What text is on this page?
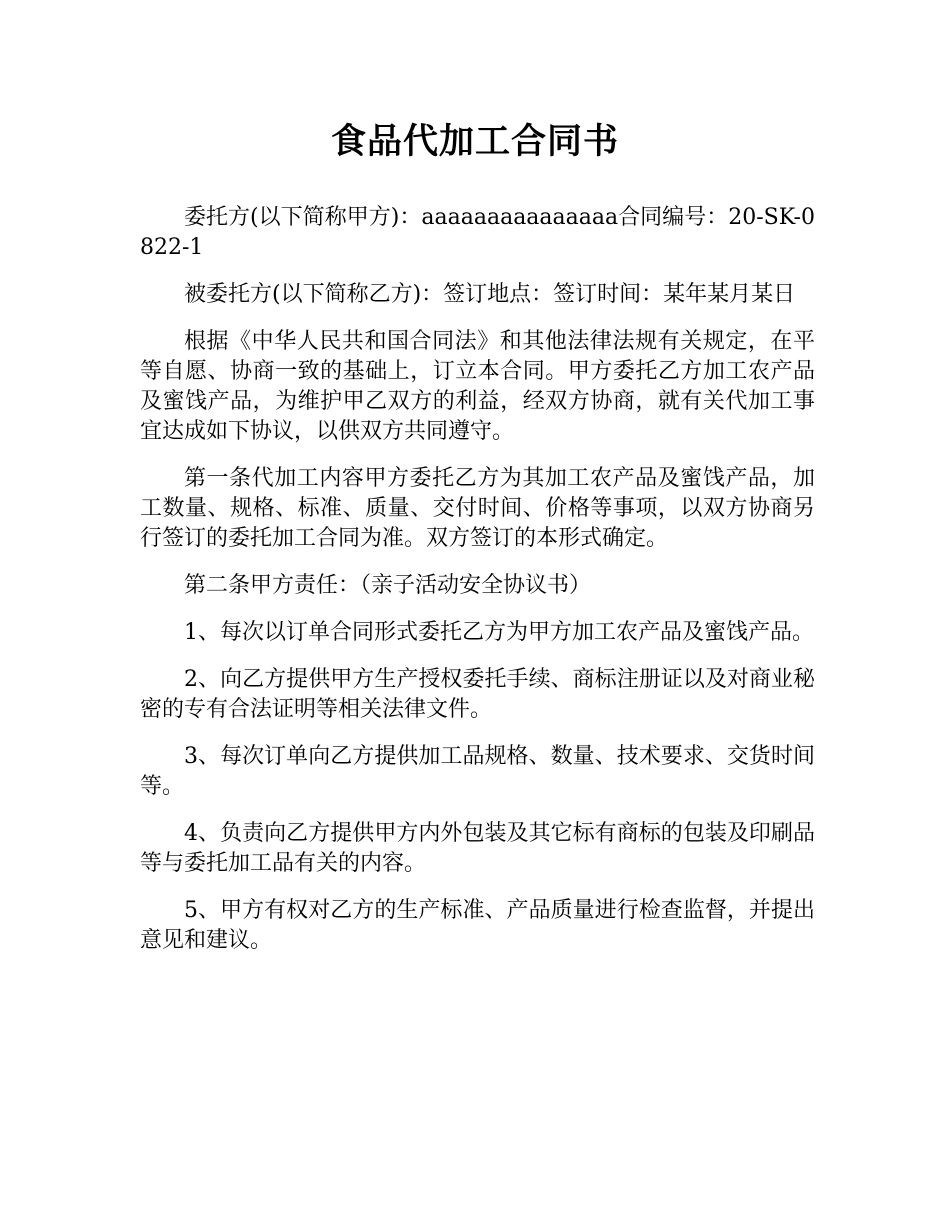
食品代加工合同书

委托方(以下简称甲方)：aaaaaaaaaaaaaaa合同编号：20-SK-0822-1

被委托方(以下简称乙方)：签订地点：签订时间：某年某月某日

根据《中华人民共和国合同法》和其他法律法规有关规定，在平等自愿、协商一致的基础上，订立本合同。甲方委托乙方加工农产品及蜜饯产品，为维护甲乙双方的利益，经双方协商，就有关代加工事宜达成如下协议，以供双方共同遵守。

第一条代加工内容甲方委托乙方为其加工农产品及蜜饯产品，加工数量、规格、标准、质量、交付时间、价格等事项，以双方协商另行签订的委托加工合同为准。双方签订的本形式确定。

第二条甲方责任：（亲子活动安全协议书）

1、每次以订单合同形式委托乙方为甲方加工农产品及蜜饯产品。

2、向乙方提供甲方生产授权委托手续、商标注册证以及对商业秘密的专有合法证明等相关法律文件。

3、每次订单向乙方提供加工品规格、数量、技术要求、交货时间等。

4、负责向乙方提供甲方内外包装及其它标有商标的包装及印刷品等与委托加工品有关的内容。

5、甲方有权对乙方的生产标准、产品质量进行检查监督，并提出意见和建议。
